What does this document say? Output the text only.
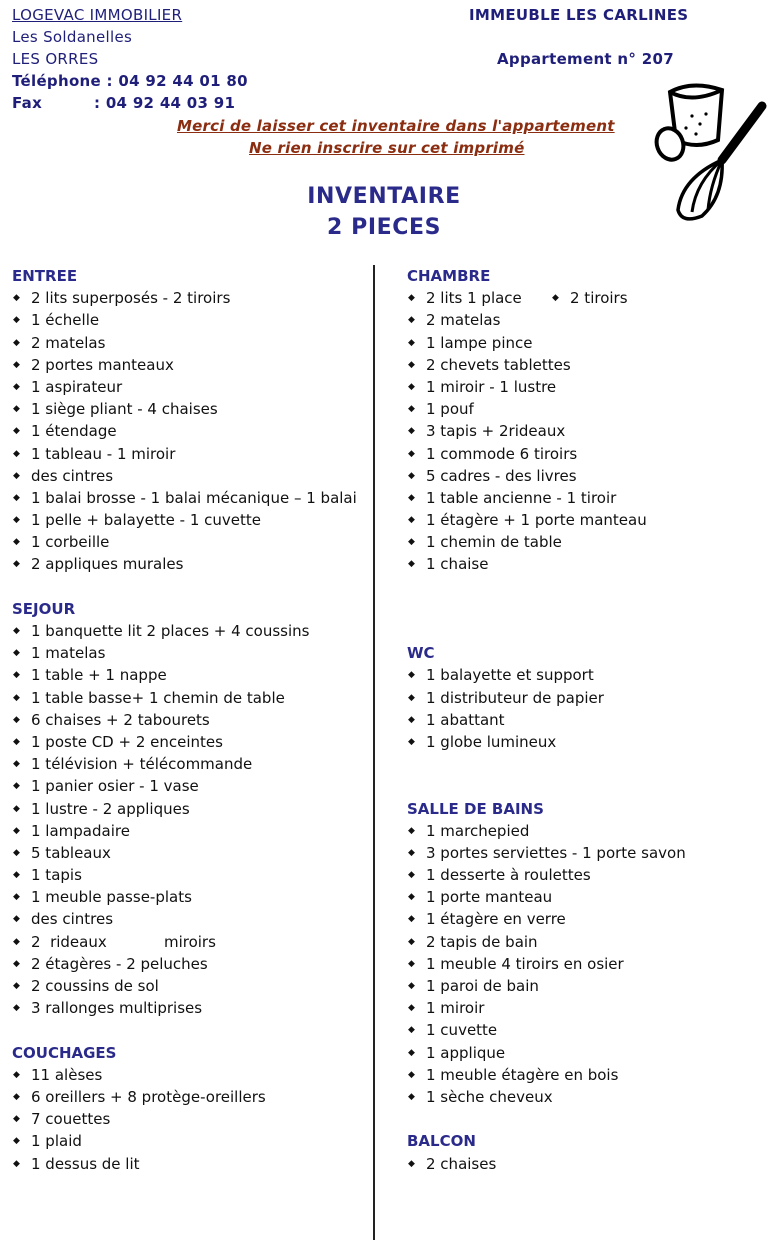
LOGEVAC IMMOBILIER
Les Soldanelles
LES ORRES
Téléphone : 04 92 44 01 80
Fax	: 04 92 44 03 91
IMMEUBLE LES CARLINES
Appartement n° 207
Merci de laisser cet inventaire dans l'appartement
Ne rien inscrire sur cet imprimé
INVENTAIRE
2 PIECES
ENTREE
◆ 2 lits superposés - 2 tiroirs
◆ 1 échelle
◆ 2 matelas
◆ 2 portes manteaux
◆ 1 aspirateur
◆ 1 siège pliant - 4 chaises
◆ 1 étendage
◆ 1 tableau - 1 miroir
◆ des cintres
◆ 1 balai brosse - 1 balai mécanique – 1 balai
◆ 1 pelle + balayette - 1 cuvette
◆ 1 corbeille
◆ 2 appliques murales
SEJOUR
◆ 1 banquette lit 2 places + 4 coussins
◆ 1 matelas
◆ 1 table + 1 nappe
◆ 1 table basse+ 1 chemin de table
◆ 6 chaises + 2 tabourets
◆ 1 poste CD + 2 enceintes
◆ 1 télévision + télécommande
◆ 1 panier osier - 1 vase
◆ 1 lustre - 2 appliques
◆ 1 lampadaire
◆ 5 tableaux
◆ 1 tapis
◆ 1 meuble passe-plats
◆ des cintres
◆ 2  rideaux            miroirs
◆ 2 étagères - 2 peluches
◆ 2 coussins de sol
◆ 3 rallonges multiprises
COUCHAGES
◆ 11 alèses
◆ 6 oreillers + 8 protège-oreillers
◆ 7 couettes
◆ 1 plaid
◆ 1 dessus de lit
CHAMBRE
◆ 2 lits 1 place
◆	2 tiroirs
◆ 2 matelas
◆ 1 lampe pince
◆ 2 chevets tablettes
◆ 1 miroir - 1 lustre
◆ 1 pouf
◆ 3 tapis + 2rideaux
◆ 1 commode 6 tiroirs
◆ 5 cadres - des livres
◆ 1 table ancienne - 1 tiroir
◆ 1 étagère + 1 porte manteau
◆ 1 chemin de table
◆ 1 chaise
WC
◆ 1 balayette et support
◆ 1 distributeur de papier
◆ 1 abattant
◆ 1 globe lumineux
SALLE DE BAINS
◆ 1 marchepied
◆ 3 portes serviettes - 1 porte savon
◆ 1 desserte à roulettes
◆ 1 porte manteau
◆ 1 étagère en verre
◆ 2 tapis de bain
◆ 1 meuble 4 tiroirs en osier
◆ 1 paroi de bain
◆ 1 miroir
◆ 1 cuvette
◆ 1 applique
◆ 1 meuble étagère en bois
◆ 1 sèche cheveux
BALCON
◆ 2 chaises
